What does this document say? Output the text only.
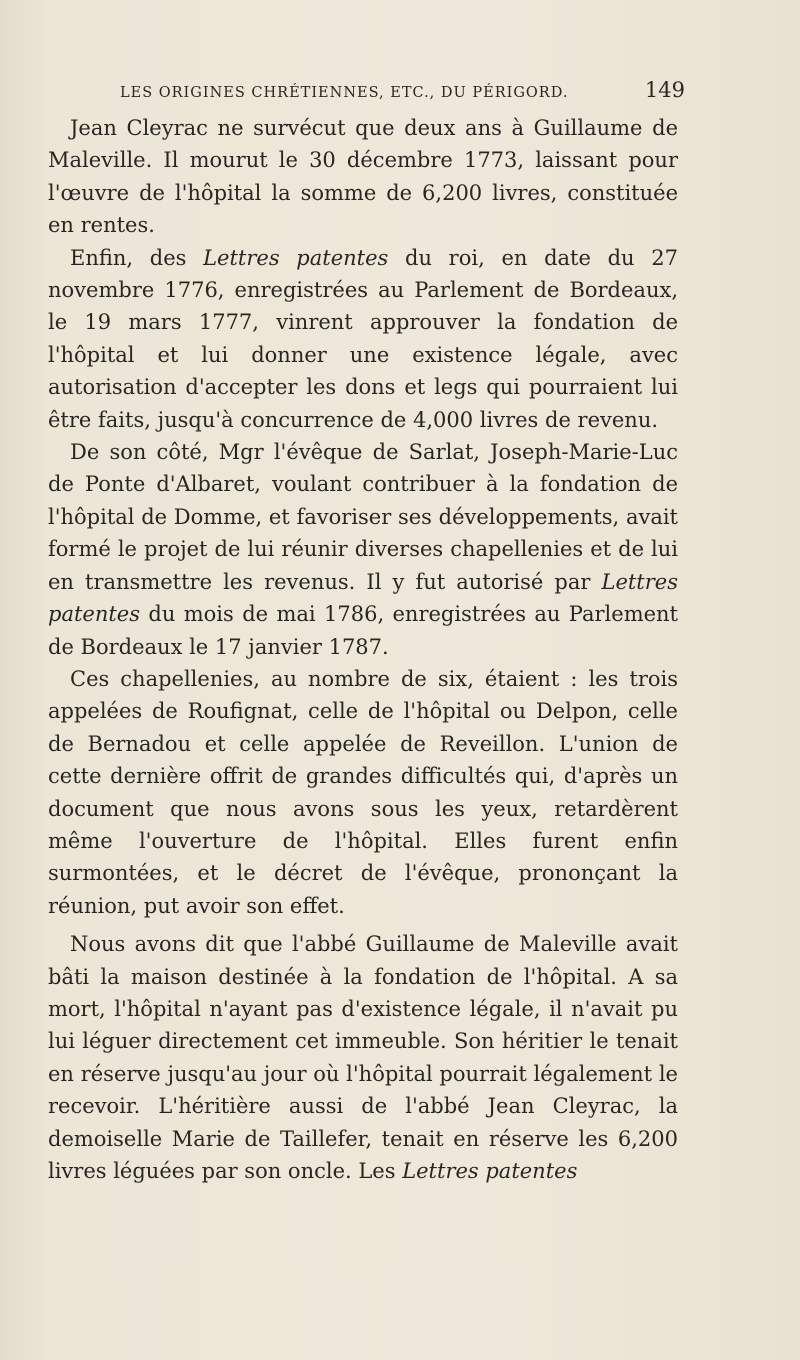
LES ORIGINES CHRÉTIENNES, ETC., DU PÉRIGORD.	149

Jean Cleyrac ne survécut que deux ans à Guillaume de Maleville. Il mourut le 30 décembre 1773, laissant pour l'œuvre de l'hôpital la somme de 6,200 livres, constituée en rentes.

Enfin, des Lettres patentes du roi, en date du 27 novembre 1776, enregistrées au Parlement de Bordeaux, le 19 mars 1777, vinrent approuver la fondation de l'hôpital et lui donner une existence légale, avec autorisation d'accepter les dons et legs qui pourraient lui être faits, jusqu'à concurrence de 4,000 livres de revenu.

De son côté, Mgr l'évêque de Sarlat, Joseph-Marie-Luc de Ponte d'Albaret, voulant contribuer à la fondation de l'hôpital de Domme, et favoriser ses développements, avait formé le projet de lui réunir diverses chapellenies et de lui en transmettre les revenus. Il y fut autorisé par Lettres patentes du mois de mai 1786, enregistrées au Parlement de Bordeaux le 17 janvier 1787.

Ces chapellenies, au nombre de six, étaient : les trois appelées de Roufignat, celle de l'hôpital ou Delpon, celle de Bernadou et celle appelée de Reveillon. L'union de cette dernière offrit de grandes difficultés qui, d'après un document que nous avons sous les yeux, retardèrent même l'ouverture de l'hôpital. Elles furent enfin surmontées, et le décret de l'évêque, prononçant la réunion, put avoir son effet.

Nous avons dit que l'abbé Guillaume de Maleville avait bâti la maison destinée à la fondation de l'hôpital. A sa mort, l'hôpital n'ayant pas d'existence légale, il n'avait pu lui léguer directement cet immeuble. Son héritier le tenait en réserve jusqu'au jour où l'hôpital pourrait légalement le recevoir. L'héritière aussi de l'abbé Jean Cleyrac, la demoiselle Marie de Taillefer, tenait en réserve les 6,200 livres léguées par son oncle. Les Lettres patentes
